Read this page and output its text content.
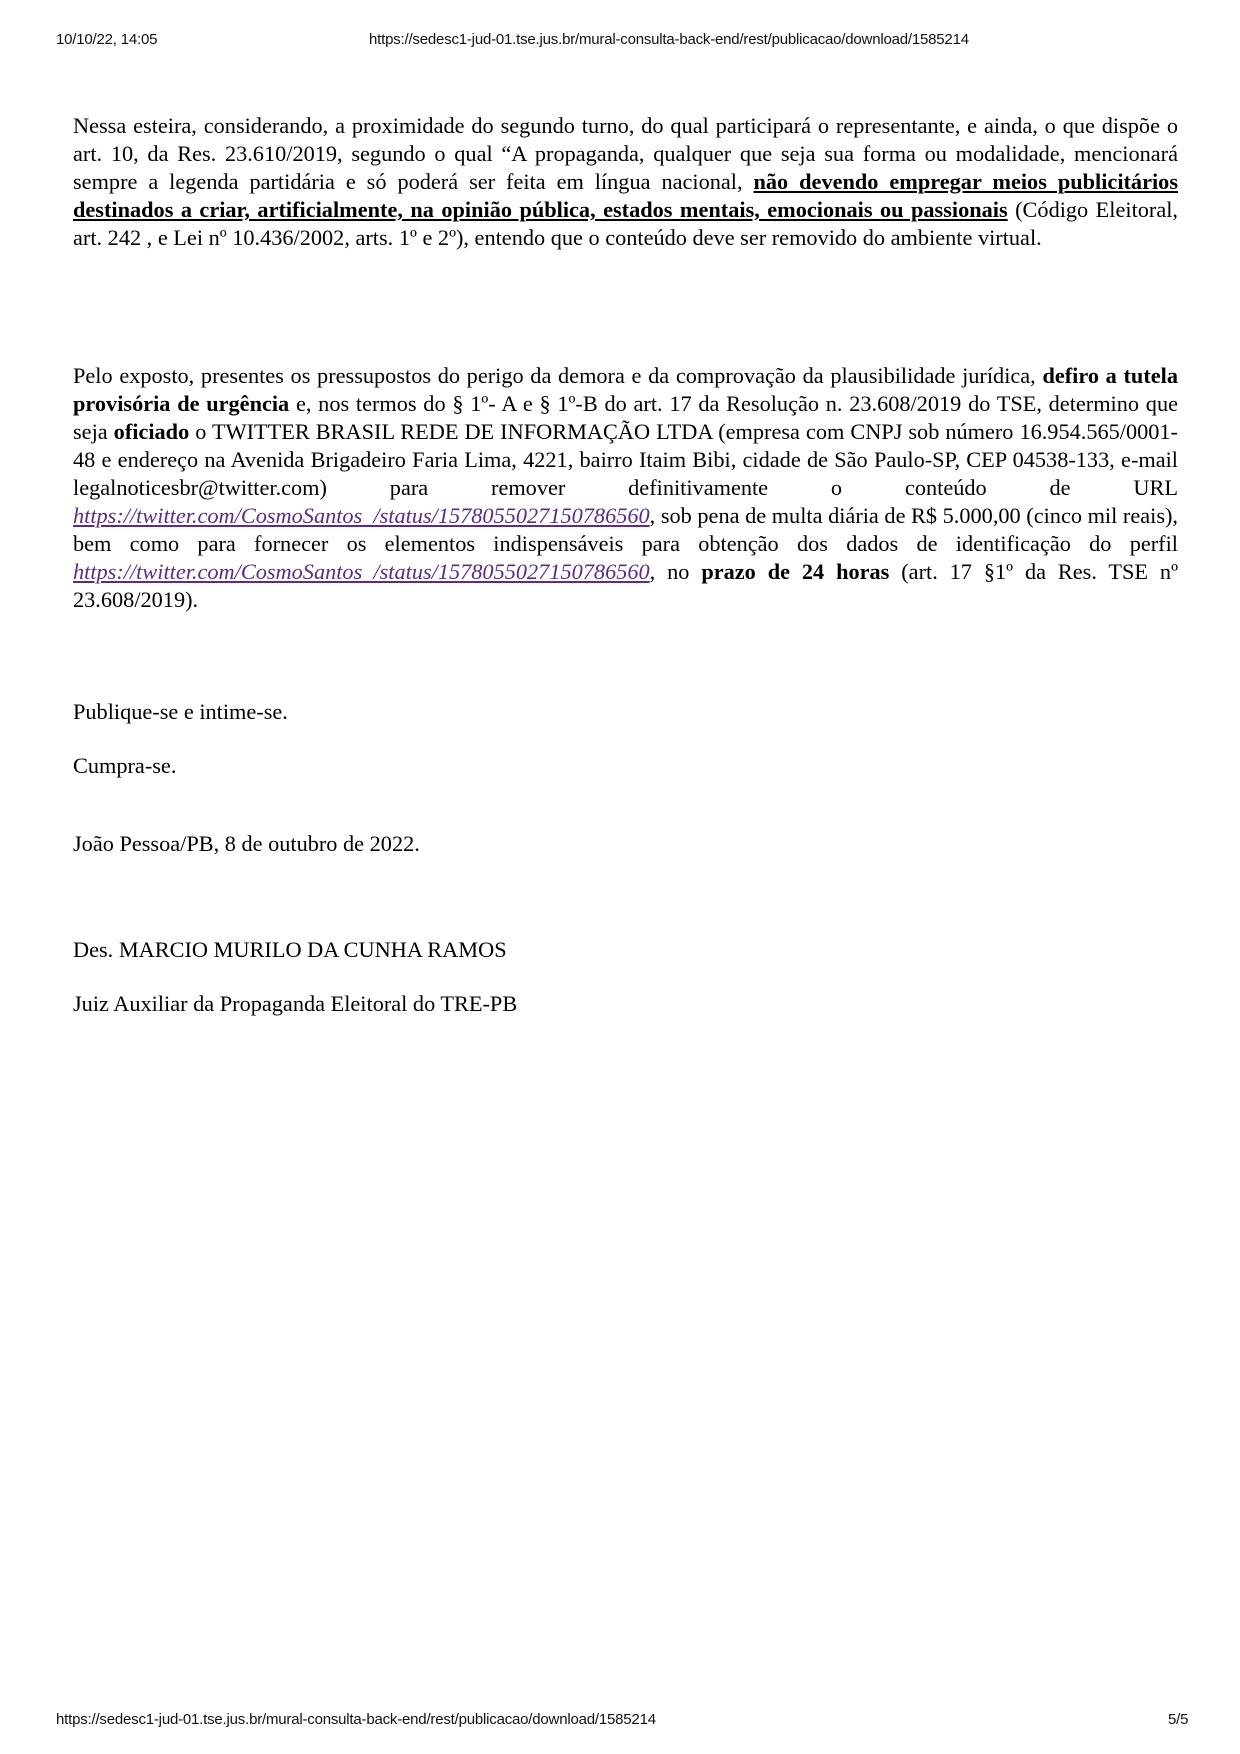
10/10/22, 14:05	https://sedesc1-jud-01.tse.jus.br/mural-consulta-back-end/rest/publicacao/download/1585214
Nessa esteira, considerando, a proximidade do segundo turno, do qual participará o representante, e ainda, o que dispõe o art. 10, da Res. 23.610/2019, segundo o qual “A propaganda, qualquer que seja sua forma ou modalidade, mencionará sempre a legenda partidária e só poderá ser feita em língua nacional, não devendo empregar meios publicitários destinados a criar, artificialmente, na opinião pública, estados mentais, emocionais ou passionais (Código Eleitoral, art. 242 , e Lei nº 10.436/2002, arts. 1º e 2º), entendo que o conteúdo deve ser removido do ambiente virtual.
Pelo exposto, presentes os pressupostos do perigo da demora e da comprovação da plausibilidade jurídica, defiro a tutela provisória de urgência e, nos termos do § 1º- A e § 1º-B do art. 17 da Resolução n. 23.608/2019 do TSE, determino que seja oficiado o TWITTER BRASIL REDE DE INFORMAÇÃO LTDA (empresa com CNPJ sob número 16.954.565/0001- 48 e endereço na Avenida Brigadeiro Faria Lima, 4221, bairro Itaim Bibi, cidade de São Paulo-SP, CEP 04538-133, e-mail legalnoticesbr@twitter.com) para remover definitivamente o conteúdo de URL https://twitter.com/CosmoSantos_/status/1578055027150786560, sob pena de multa diária de R$ 5.000,00 (cinco mil reais), bem como para fornecer os elementos indispensáveis para obtenção dos dados de identificação do perfil https://twitter.com/CosmoSantos_/status/1578055027150786560, no prazo de 24 horas (art. 17 §1º da Res. TSE nº 23.608/2019).
Publique-se e intime-se.
Cumpra-se.
João Pessoa/PB, 8 de outubro de 2022.
Des. MARCIO MURILO DA CUNHA RAMOS
Juiz Auxiliar da Propaganda Eleitoral do TRE-PB
https://sedesc1-jud-01.tse.jus.br/mural-consulta-back-end/rest/publicacao/download/1585214	5/5
